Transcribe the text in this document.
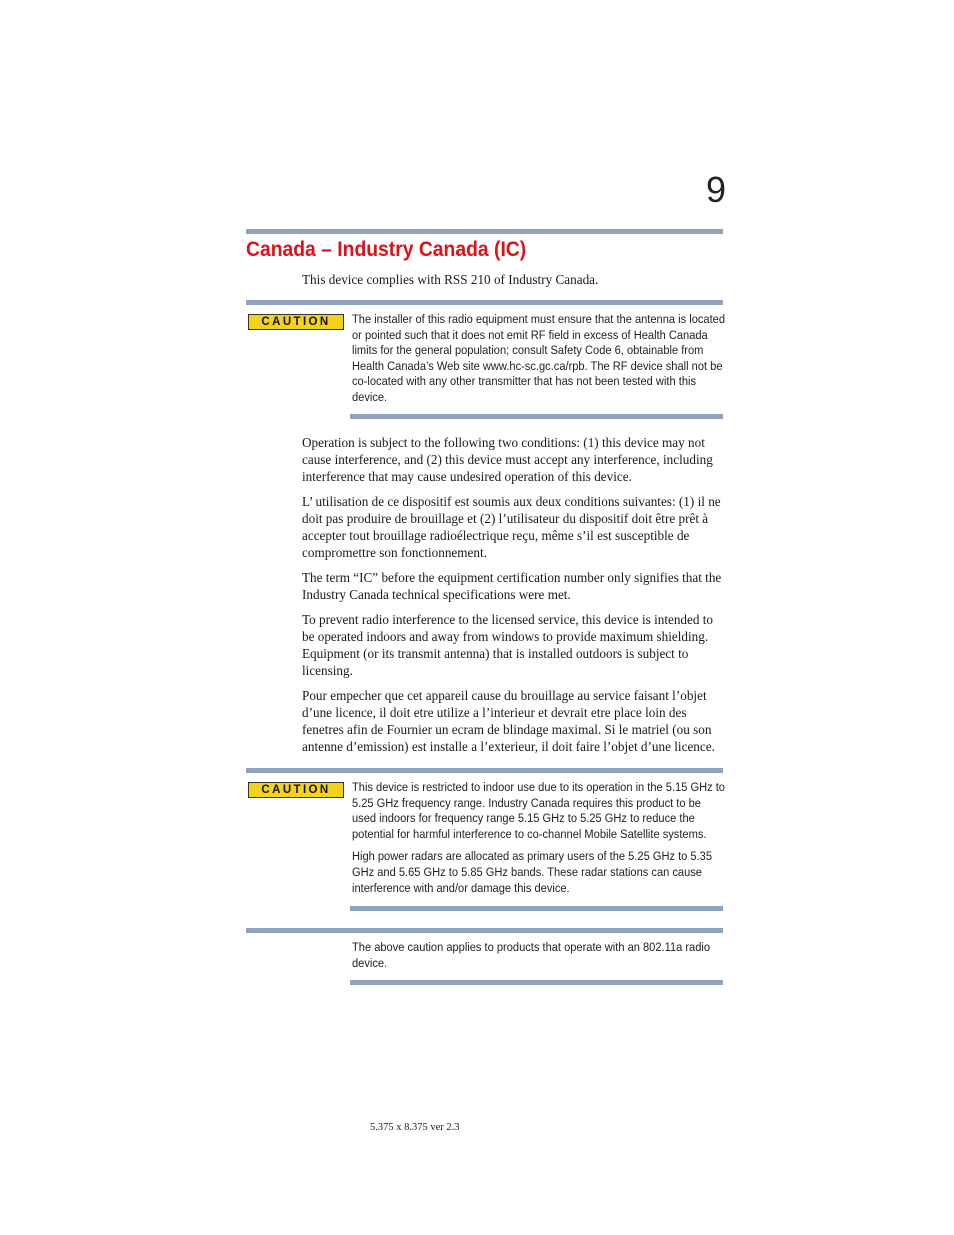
9
Canada – Industry Canada (IC)

This device complies with RSS 210 of Industry Canada.

CAUTION	The installer of this radio equipment must ensure that the antenna is located or pointed such that it does not emit RF field in excess of Health Canada limits for the general population; consult Safety Code 6, obtainable from Health Canada’s Web site www.hc-sc.gc.ca/rpb. The RF device shall not be co-located with any other transmitter that has not been tested with this device.

Operation is subject to the following two conditions: (1) this device may not cause interference, and (2) this device must accept any interference, including interference that may cause undesired operation of this device.

L’ utilisation de ce dispositif est soumis aux deux conditions suivantes: (1) il ne doit pas produire de brouillage et (2) l’utilisateur du dispositif doit être prêt à accepter tout brouillage radioélectrique reçu, même s’il est susceptible de compromettre son fonctionnement.

The term “IC” before the equipment certification number only signifies that the Industry Canada technical specifications were met.

To prevent radio interference to the licensed service, this device is intended to be operated indoors and away from windows to provide maximum shielding. Equipment (or its transmit antenna) that is installed outdoors is subject to licensing.

Pour empecher que cet appareil cause du brouillage au service faisant l’objet d’une licence, il doit etre utilize a l’interieur et devrait etre place loin des fenetres afin de Fournier un ecram de blindage maximal. Si le matriel (ou son antenne d’emission) est installe a l’exterieur, il doit faire l’objet d’une licence.

CAUTION	This device is restricted to indoor use due to its operation in the 5.15 GHz to 5.25 GHz frequency range. Industry Canada requires this product to be used indoors for frequency range 5.15 GHz to 5.25 GHz to reduce the potential for harmful interference to co-channel Mobile Satellite systems.

High power radars are allocated as primary users of the 5.25 GHz to 5.35 GHz and 5.65 GHz to 5.85 GHz bands. These radar stations can cause interference with and/or damage this device.

The above caution applies to products that operate with an 802.11a radio device.

5.375 x 8.375 ver 2.3
